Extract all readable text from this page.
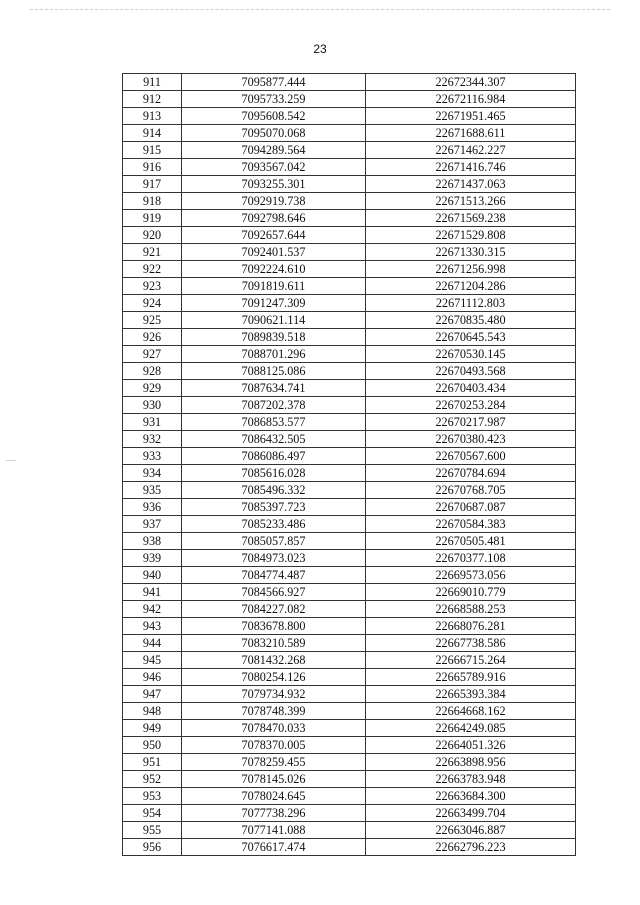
23
911	7095877.444	22672344.307
912	7095733.259	22672116.984
913	7095608.542	22671951.465
914	7095070.068	22671688.611
915	7094289.564	22671462.227
916	7093567.042	22671416.746
917	7093255.301	22671437.063
918	7092919.738	22671513.266
919	7092798.646	22671569.238
920	7092657.644	22671529.808
921	7092401.537	22671330.315
922	7092224.610	22671256.998
923	7091819.611	22671204.286
924	7091247.309	22671112.803
925	7090621.114	22670835.480
926	7089839.518	22670645.543
927	7088701.296	22670530.145
928	7088125.086	22670493.568
929	7087634.741	22670403.434
930	7087202.378	22670253.284
931	7086853.577	22670217.987
932	7086432.505	22670380.423
933	7086086.497	22670567.600
934	7085616.028	22670784.694
935	7085496.332	22670768.705
936	7085397.723	22670687.087
937	7085233.486	22670584.383
938	7085057.857	22670505.481
939	7084973.023	22670377.108
940	7084774.487	22669573.056
941	7084566.927	22669010.779
942	7084227.082	22668588.253
943	7083678.800	22668076.281
944	7083210.589	22667738.586
945	7081432.268	22666715.264
946	7080254.126	22665789.916
947	7079734.932	22665393.384
948	7078748.399	22664668.162
949	7078470.033	22664249.085
950	7078370.005	22664051.326
951	7078259.455	22663898.956
952	7078145.026	22663783.948
953	7078024.645	22663684.300
954	7077738.296	22663499.704
955	7077141.088	22663046.887
956	7076617.474	22662796.223
